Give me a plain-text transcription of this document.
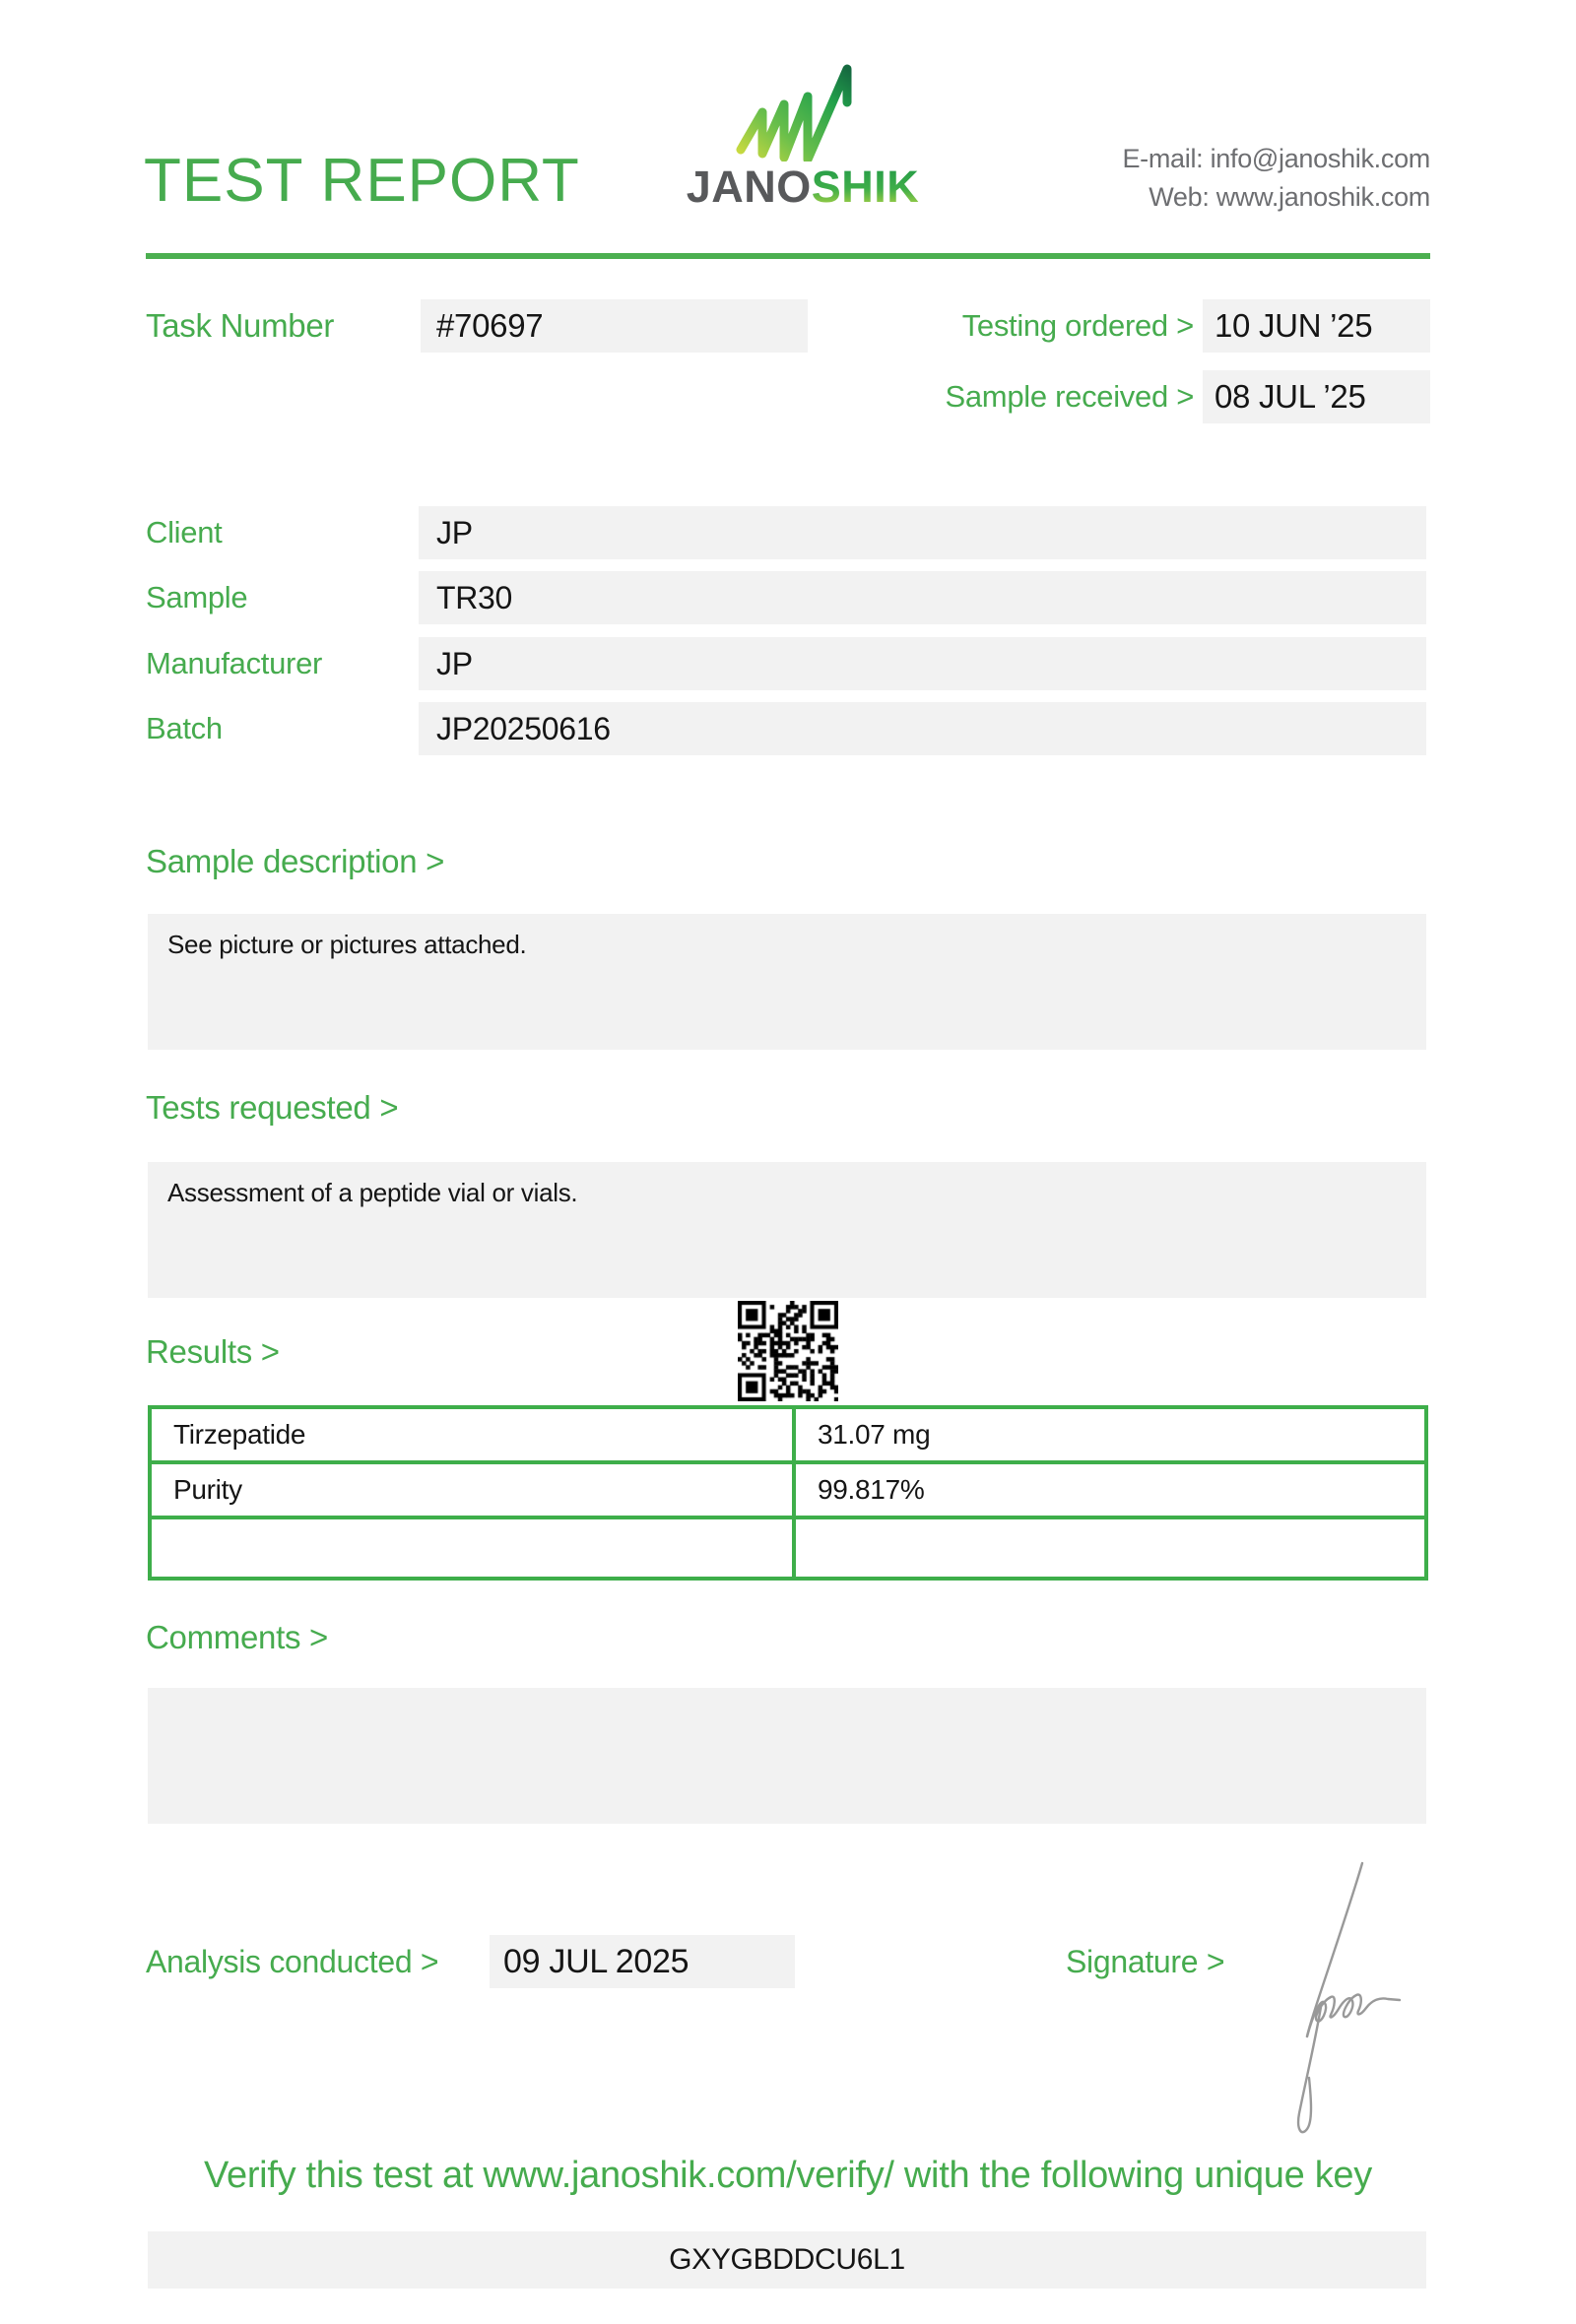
TEST REPORT JANOSHIK
E-mail: info@janoshik.com
Web: www.janoshik.com
Task Number	#70697	Testing ordered > 10 JUN ’25
Sample received > 08 JUL ’25
Client	JP
Sample	TR30
Manufacturer	JP
Batch	JP20250616
Sample description >
See picture or pictures attached.
Tests requested >
Assessment of a peptide vial or vials.
Results >
Tirzepatide	31.07 mg
Purity	99.817%
Comments >
Analysis conducted >	09 JUL 2025	Signature >
Verify this test at www.janoshik.com/verify/ with the following unique key
GXYGBDDCU6L1
